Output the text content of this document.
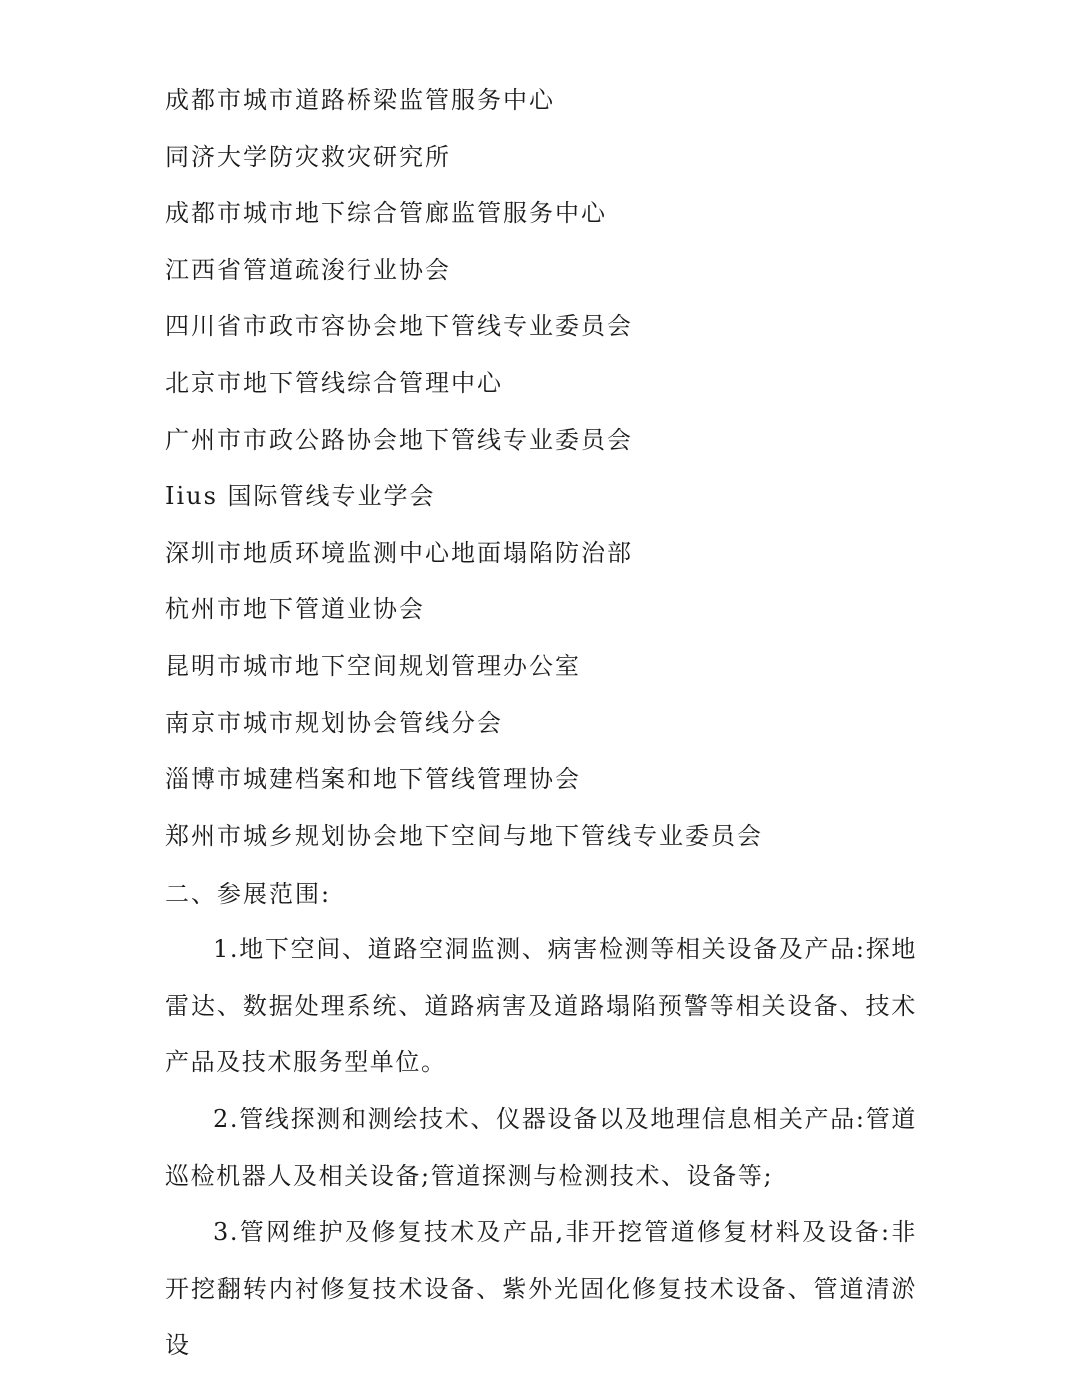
成都市城市道路桥梁监管服务中心
同济大学防灾救灾研究所
成都市城市地下综合管廊监管服务中心
江西省管道疏浚行业协会
四川省市政市容协会地下管线专业委员会
北京市地下管线综合管理中心
广州市市政公路协会地下管线专业委员会
Iius 国际管线专业学会
深圳市地质环境监测中心地面塌陷防治部
杭州市地下管道业协会
昆明市城市地下空间规划管理办公室
南京市城市规划协会管线分会
淄博市城建档案和地下管线管理协会
郑州市城乡规划协会地下空间与地下管线专业委员会
二、参展范围:

1.地下空间、道路空洞监测、病害检测等相关设备及产品:探地雷达、数据处理系统、道路病害及道路塌陷预警等相关设备、技术产品及技术服务型单位。

2.管线探测和测绘技术、仪器设备以及地理信息相关产品:管道巡检机器人及相关设备;管道探测与检测技术、设备等;

3.管网维护及修复技术及产品,非开挖管道修复材料及设备:非开挖翻转内衬修复技术设备、紫外光固化修复技术设备、管道清淤设
